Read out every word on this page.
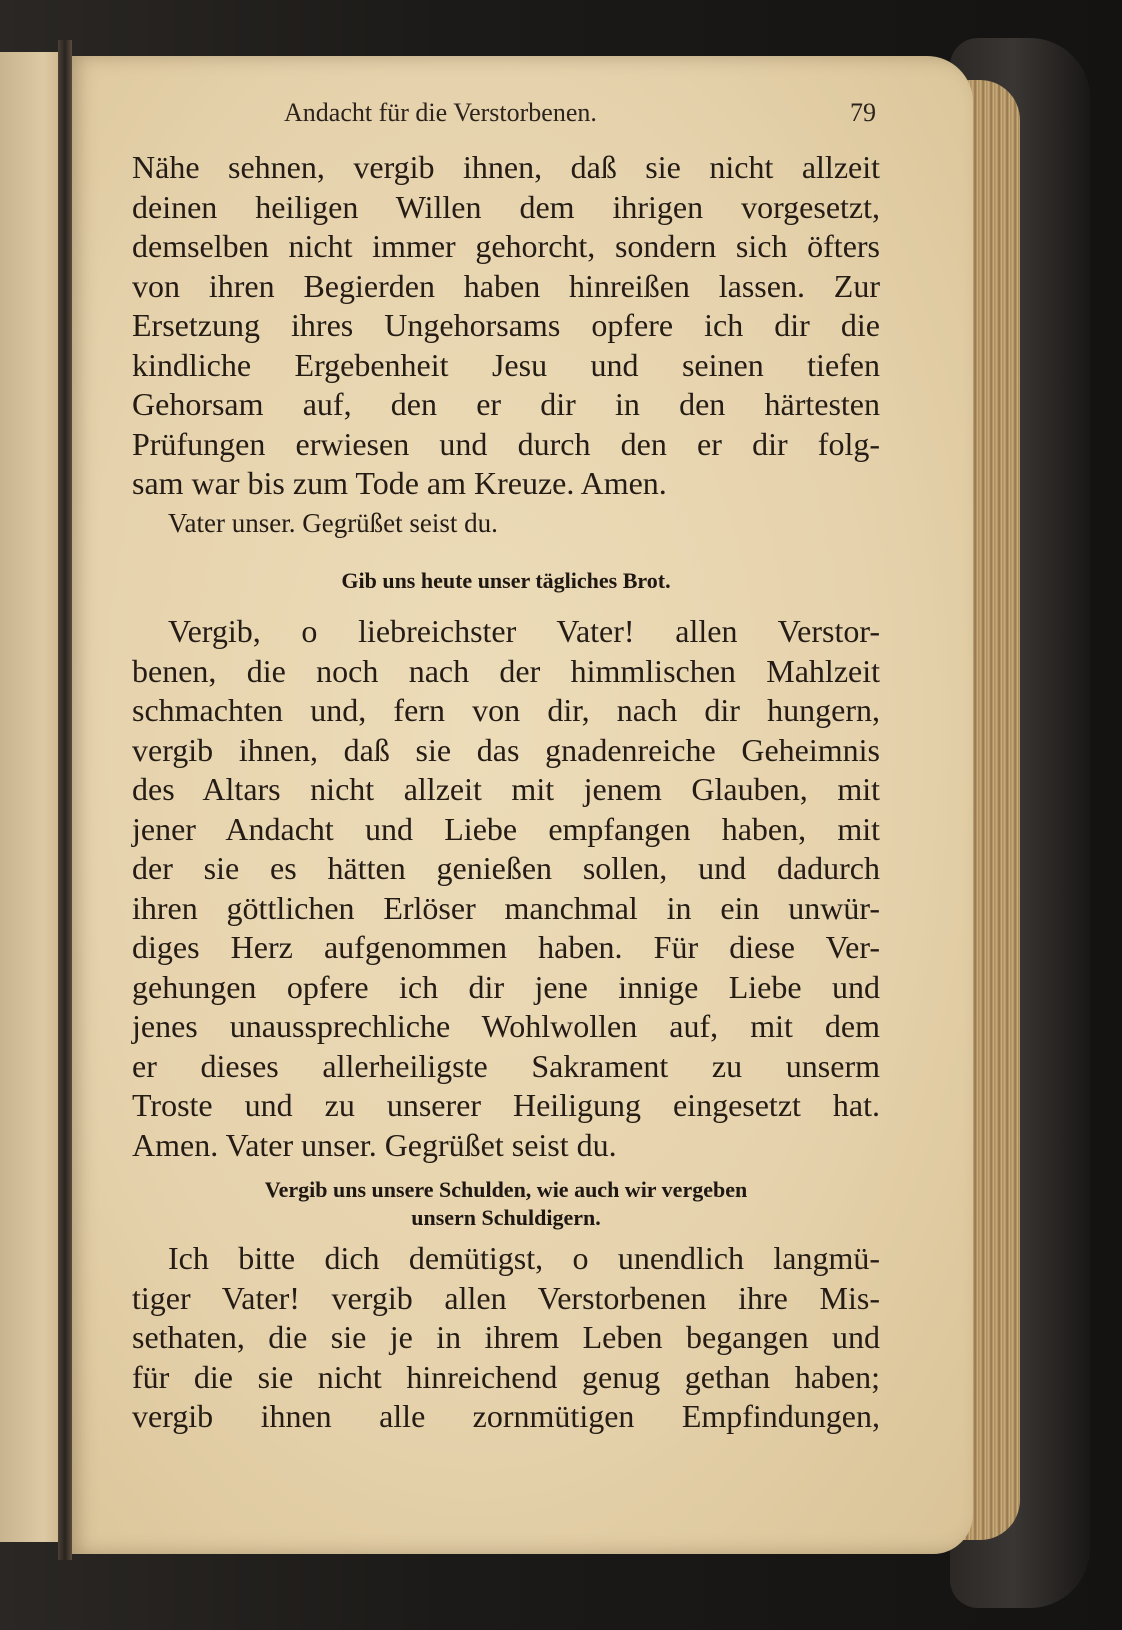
Andacht für die Verstorbenen.	79
Nähe sehnen, vergib ihnen, daß sie nicht allzeit
deinen heiligen Willen dem ihrigen vorgesetzt,
demselben nicht immer gehorcht, sondern sich öfters
von ihren Begierden haben hinreißen lassen. Zur
Ersetzung ihres Ungehorsams opfere ich dir die
kindliche Ergebenheit Jesu und seinen tiefen
Gehorsam auf, den er dir in den härtesten
Prüfungen erwiesen und durch den er dir folg-
sam war bis zum Tode am Kreuze. Amen.
Vater unser. Gegrüßet seist du.
Gib uns heute unser tägliches Brot.
Vergib, o liebreichster Vater! allen Verstor-
benen, die noch nach der himmlischen Mahlzeit
schmachten und, fern von dir, nach dir hungern,
vergib ihnen, daß sie das gnadenreiche Geheimnis
des Altars nicht allzeit mit jenem Glauben, mit
jener Andacht und Liebe empfangen haben, mit
der sie es hätten genießen sollen, und dadurch
ihren göttlichen Erlöser manchmal in ein unwür-
diges Herz aufgenommen haben. Für diese Ver-
gehungen opfere ich dir jene innige Liebe und
jenes unaussprechliche Wohlwollen auf, mit dem
er dieses allerheiligste Sakrament zu unserm
Troste und zu unserer Heiligung eingesetzt hat.
Amen. Vater unser. Gegrüßet seist du.
Vergib uns unsere Schulden, wie auch wir vergeben
unsern Schuldigern.
Ich bitte dich demütigst, o unendlich langmü-
tiger Vater! vergib allen Verstorbenen ihre Mis-
sethaten, die sie je in ihrem Leben begangen und
für die sie nicht hinreichend genug gethan haben;
vergib ihnen alle zornmütigen Empfindungen,
